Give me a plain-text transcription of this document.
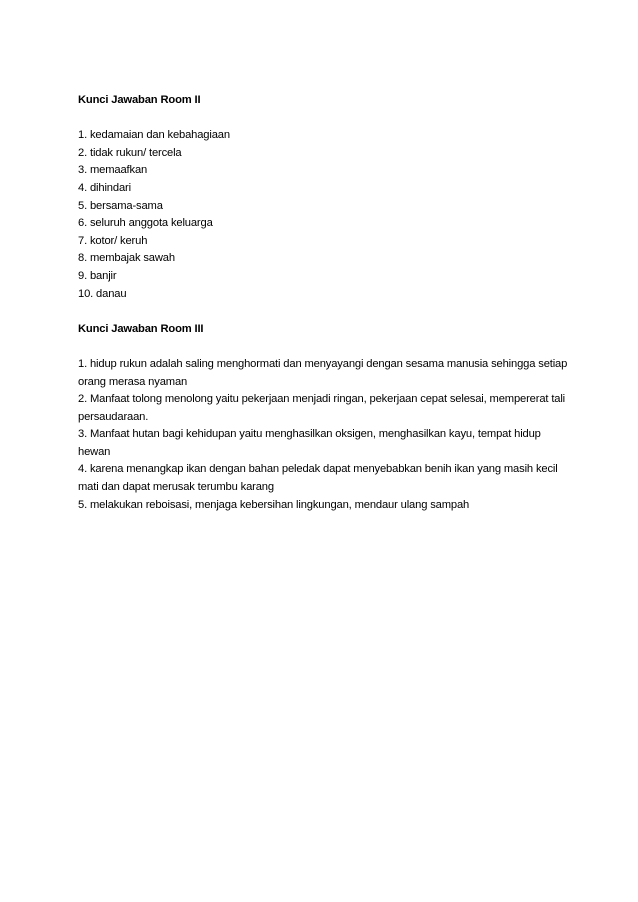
Kunci Jawaban Room II
1. kedamaian dan kebahagiaan
2. tidak rukun/ tercela
3. memaafkan
4. dihindari
5. bersama-sama
6. seluruh anggota keluarga
7. kotor/ keruh
8. membajak sawah
9. banjir
10. danau
Kunci Jawaban Room III
1. hidup rukun adalah saling menghormati dan menyayangi dengan sesama manusia sehingga setiap orang merasa nyaman
2. Manfaat tolong menolong yaitu pekerjaan menjadi ringan, pekerjaan cepat selesai, mempererat tali persaudaraan.
3. Manfaat hutan bagi kehidupan yaitu menghasilkan oksigen, menghasilkan kayu, tempat hidup hewan
4. karena menangkap ikan dengan bahan peledak dapat menyebabkan benih ikan yang masih kecil mati dan dapat merusak terumbu karang
5. melakukan reboisasi, menjaga kebersihan lingkungan, mendaur ulang sampah
